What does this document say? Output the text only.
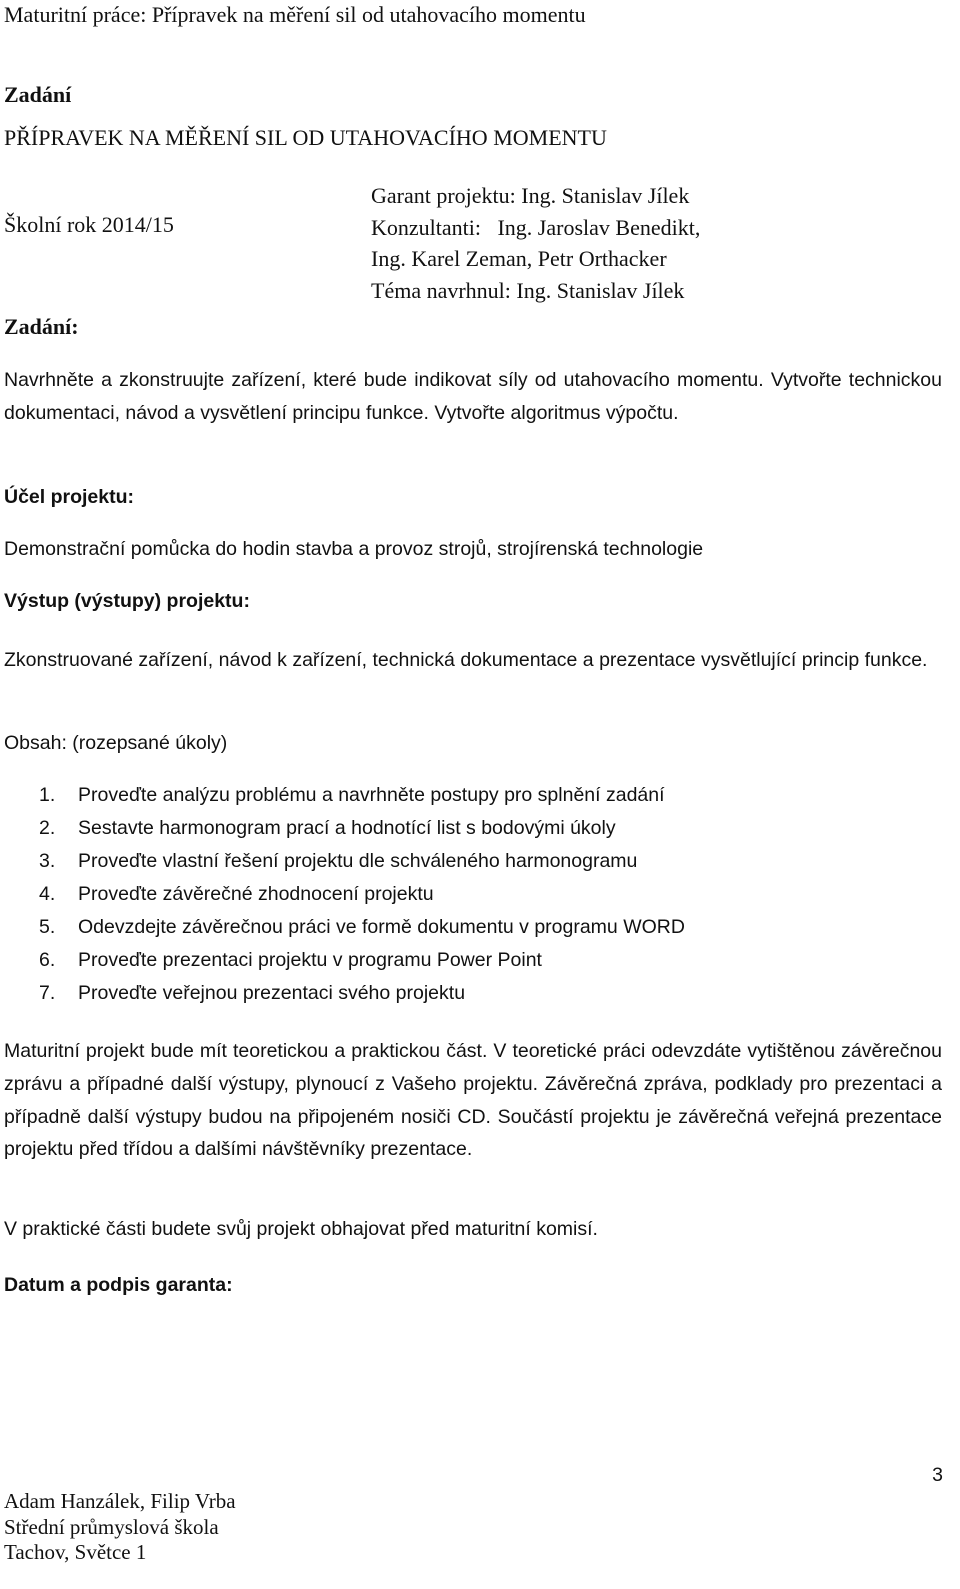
Maturitní práce: Přípravek na měření sil od utahovacího momentu
Zadání
PŘÍPRAVEK NA MĚŘENÍ SIL OD UTAHOVACÍHO MOMENTU
Školní rok 2014/15
Zadání:
Garant projektu: Ing. Stanislav Jílek
Konzultanti:   Ing. Jaroslav Benedikt,
Ing. Karel Zeman, Petr Orthacker
Téma navrhnul: Ing. Stanislav Jílek
Navrhněte a zkonstruujte zařízení, které bude indikovat síly od utahovacího momentu. Vytvořte technickou dokumentaci, návod a vysvětlení principu funkce. Vytvořte algoritmus výpočtu.
Účel projektu:
Demonstrační pomůcka do hodin stavba a provoz strojů, strojírenská technologie
Výstup (výstupy) projektu:
Zkonstruované zařízení, návod k zařízení, technická dokumentace a prezentace vysvětlující princip funkce.
Obsah: (rozepsané úkoly)
1.	Proveďte analýzu problému a navrhněte postupy pro splnění zadání
2.	Sestavte harmonogram prací a hodnotící list s bodovými úkoly
3.	Proveďte vlastní řešení projektu dle schváleného harmonogramu
4.	Proveďte závěrečné zhodnocení projektu
5.	Odevzdejte závěrečnou práci ve formě dokumentu v programu WORD
6.	Proveďte prezentaci projektu v programu Power Point
7.	Proveďte veřejnou prezentaci svého projektu
Maturitní projekt bude mít teoretickou a praktickou část. V teoretické práci odevzdáte vytištěnou závěrečnou zprávu a případné další výstupy, plynoucí z Vašeho projektu. Závěrečná zpráva, podklady pro prezentaci a případně další výstupy budou na připojeném nosiči CD. Součástí projektu je závěrečná veřejná prezentace projektu před třídou a dalšími návštěvníky prezentace.
V praktické části budete svůj projekt obhajovat před maturitní komisí.
Datum a podpis garanta:
Adam Hanzálek, Filip Vrba
Střední průmyslová škola
Tachov, Světce 1
3
